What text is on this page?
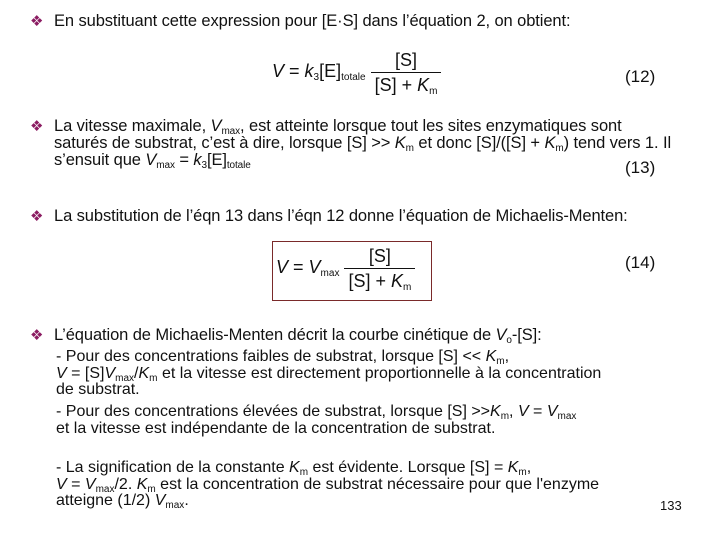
❖ En substituant cette expression pour [E·S] dans l’équation 2, on obtient:
$V = k_3[E]_{totale} \frac{[S]}{[S] + K_m}$	(12)
❖ La vitesse maximale, $V_{max}$, est atteinte lorsque tout les sites enzymatiques sont saturés de substrat, c’est à dire, lorsque $[S] >> K_m$ et donc $[S]/([S] + K_m)$ tend vers 1. Il s’ensuit que $V_{max} = k_3[E]_{totale}$	(13)
❖ La substitution de l’éqn 13 dans l’éqn 12 donne l’équation de Michaelis-Menten:
$V = V_{max} \frac{[S]}{[S] + K_m}$	(14)
❖ L’équation de Michaelis-Menten décrit la courbe cinétique de $V_o-[S]$:
- Pour des concentrations faibles de substrat, lorsque $[S] << K_m$,
$V = [S]V_{max}/K_m$ et la vitesse est directement proportionnelle à la concentration de substrat.
- Pour des concentrations élevées de substrat, lorsque $[S] >>K_m$, $V = V_{max}$
et la vitesse est indépendante de la concentration de substrat.
- La signification de la constante $K_m$ est évidente. Lorsque $[S] = K_m$,
$V = V_{max}/2$. $K_m$ est la concentration de substrat nécessaire pour que l'enzyme atteigne (1/2) $V_{max}$.	133
